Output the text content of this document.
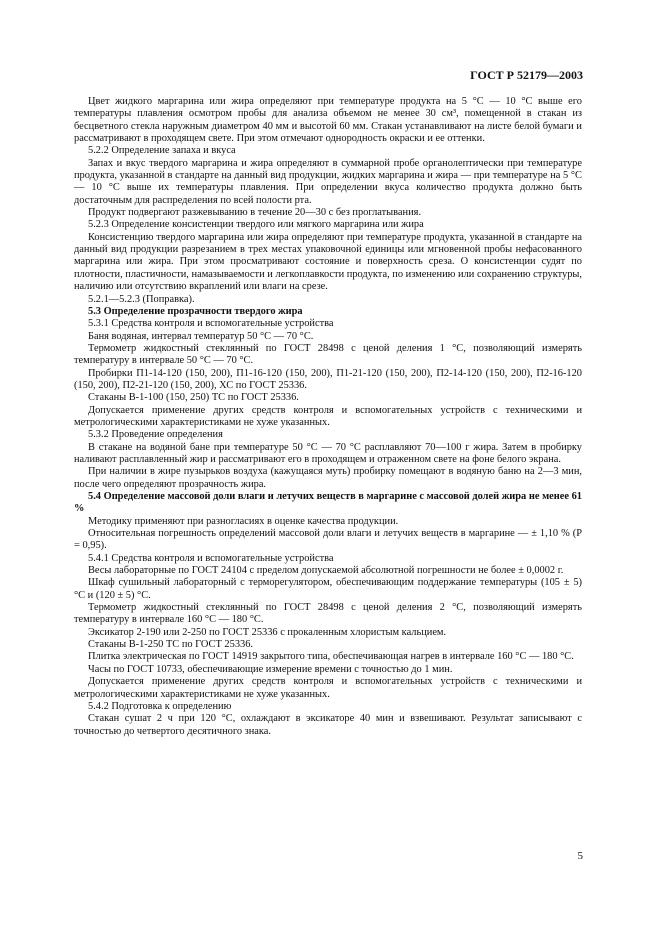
ГОСТ Р 52179—2003

Цвет жидкого маргарина или жира определяют при температуре продукта на 5 °С — 10 °С выше его температуры плавления осмотром пробы для анализа объемом не менее 30 см³, помещенной в стакан из бесцветного стекла наружным диаметром 40 мм и высотой 60 мм. Стакан устанавливают на листе белой бумаги и рассматривают в проходящем свете. При этом отмечают однородность окраски и ее оттенки.

5.2.2 Определение запаха и вкуса

Запах и вкус твердого маргарина и жира определяют в суммарной пробе органолептически при температуре продукта, указанной в стандарте на данный вид продукции, жидких маргарина и жира — при температуре на 5 °С — 10 °С выше их температуры плавления. При определении вкуса количество продукта должно быть достаточным для распределения по всей полости рта.

Продукт подвергают разжевыванию в течение 20—30 с без проглатывания.

5.2.3 Определение консистенции твердого или мягкого маргарина или жира

Консистенцию твердого маргарина или жира определяют при температуре продукта, указанной в стандарте на данный вид продукции разрезанием в трех местах упаковочной единицы или мгновенной пробы нефасованного маргарина или жира. При этом просматривают состояние и поверхность среза. О консистенции судят по плотности, пластичности, намазываемости и легкоплавкости продукта, по изменению или сохранению структуры, наличию или отсутствию вкраплений или влаги на срезе.

5.2.1—5.2.3 (Поправка).

5.3 Определение прозрачности твердого жира

5.3.1 Средства контроля и вспомогательные устройства

Баня водяная, интервал температур 50 °С — 70 °С.

Термометр жидкостный стеклянный по ГОСТ 28498 с ценой деления 1 °С, позволяющий измерять температуру в интервале 50 °С — 70 °С.

Пробирки П1-14-120 (150, 200), П1-16-120 (150, 200), П1-21-120 (150, 200), П2-14-120 (150, 200), П2-16-120 (150, 200), П2-21-120 (150, 200), ХС по ГОСТ 25336.

Стаканы В-1-100 (150, 250) ТС по ГОСТ 25336.

Допускается применение других средств контроля и вспомогательных устройств с техническими и метрологическими характеристиками не хуже указанных.

5.3.2 Проведение определения

В стакане на водяной бане при температуре 50 °С — 70 °С расплавляют 70—100 г жира. Затем в пробирку наливают расплавленный жир и рассматривают его в проходящем и отраженном свете на фоне белого экрана.

При наличии в жире пузырьков воздуха (кажущаяся муть) пробирку помещают в водяную баню на 2—3 мин, после чего определяют прозрачность жира.

5.4 Определение массовой доли влаги и летучих веществ в маргарине с массовой долей жира не менее 61 %

Методику применяют при разногласиях в оценке качества продукции.

Относительная погрешность определений массовой доли влаги и летучих веществ в маргарине — ± 1,10 % (Р = 0,95).

5.4.1 Средства контроля и вспомогательные устройства

Весы лабораторные по ГОСТ 24104 с пределом допускаемой абсолютной погрешности не более ± 0,0002 г.

Шкаф сушильный лабораторный с терморегулятором, обеспечивающим поддержание температуры (105 ± 5) °С и (120 ± 5) °С.

Термометр жидкостный стеклянный по ГОСТ 28498 с ценой деления 2 °С, позволяющий измерять температуру в интервале 160 °С — 180 °С.

Эксикатор 2-190 или 2-250 по ГОСТ 25336 с прокаленным хлористым кальцием.

Стаканы В-1-250 ТС по ГОСТ 25336.

Плитка электрическая по ГОСТ 14919 закрытого типа, обеспечивающая нагрев в интервале 160 °С — 180 °С.

Часы по ГОСТ 10733, обеспечивающие измерение времени с точностью до 1 мин.

Допускается применение других средств контроля и вспомогательных устройств с техническими и метрологическими характеристиками не хуже указанных.

5.4.2 Подготовка к определению

Стакан сушат 2 ч при 120 °С, охлаждают в эксикаторе 40 мин и взвешивают. Результат записывают с точностью до четвертого десятичного знака.

5
